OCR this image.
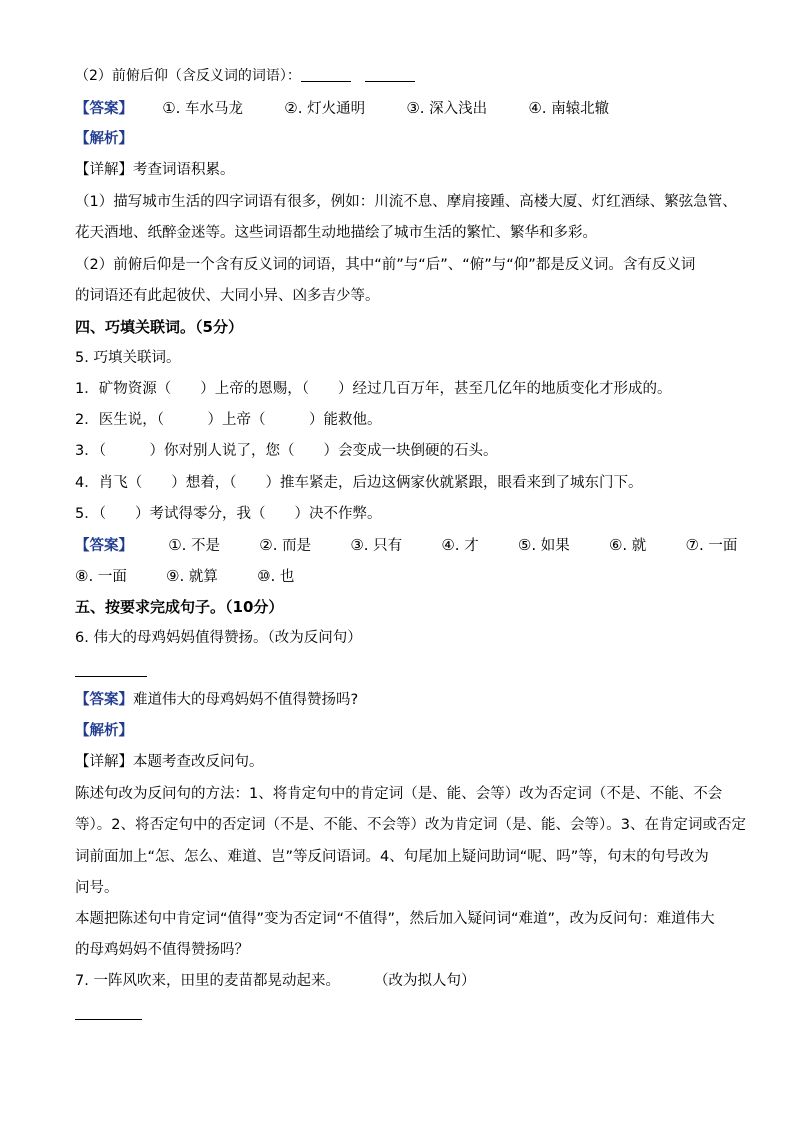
（2）前俯后仰（含反义词的词语）：
【答案】 ①. 车水马龙	②. 灯火通明	③. 深入浅出	④. 南辕北辙
【解析】
【详解】考查词语积累。
（1）描写城市生活的四字词语有很多，例如：川流不息、摩肩接踵、高楼大厦、灯红酒绿、繁弦急管、
花天酒地、纸醉金迷等。这些词语都生动地描绘了城市生活的繁忙、繁华和多彩。
（2）前俯后仰是一个含有反义词的词语，其中“前”与“后”、“俯”与“仰”都是反义词。含有反义词
的词语还有此起彼伏、大同小异、凶多吉少等。
四、巧填关联词。（5分）
5. 巧填关联词。
1．矿物资源（　　）上帝的恩赐，（　　）经过几百万年，甚至几亿年的地质变化才形成的。
2．医生说，（　　　）上帝（　　　）能救他。
3．（　　　）你对别人说了，您（　　）会变成一块倒硬的石头。
4．肖飞（　　）想着，（　　）推车紧走，后边这俩家伙就紧跟，眼看来到了城东门下。
5．（　　）考试得零分，我（　　）决不作弊。
【答案】 ①. 不是	②. 而是	③. 只有	④. 才	⑤. 如果	⑥. 就	⑦. 一面
⑧. 一面	⑨. 就算	⑩. 也
五、按要求完成句子。（10分）
6. 伟大的母鸡妈妈值得赞扬。（改为反问句）
【答案】难道伟大的母鸡妈妈不值得赞扬吗?
【解析】
【详解】本题考查改反问句。
陈述句改为反问句的方法：1、将肯定句中的肯定词（是、能、会等）改为否定词（不是、不能、不会
等）。2、将否定句中的否定词（不是、不能、不会等）改为肯定词（是、能、会等）。3、在肯定词或否定
词前面加上“怎、怎么、难道、岂”等反问语词。4、句尾加上疑问助词“呢、吗”等，句末的句号改为
问号。
本题把陈述句中肯定词“值得”变为否定词“不值得”，然后加入疑问词“难道”，改为反问句：难道伟大
的母鸡妈妈不值得赞扬吗？
7. 一阵风吹来，田里的麦苗都晃动起来。 （改为拟人句）
